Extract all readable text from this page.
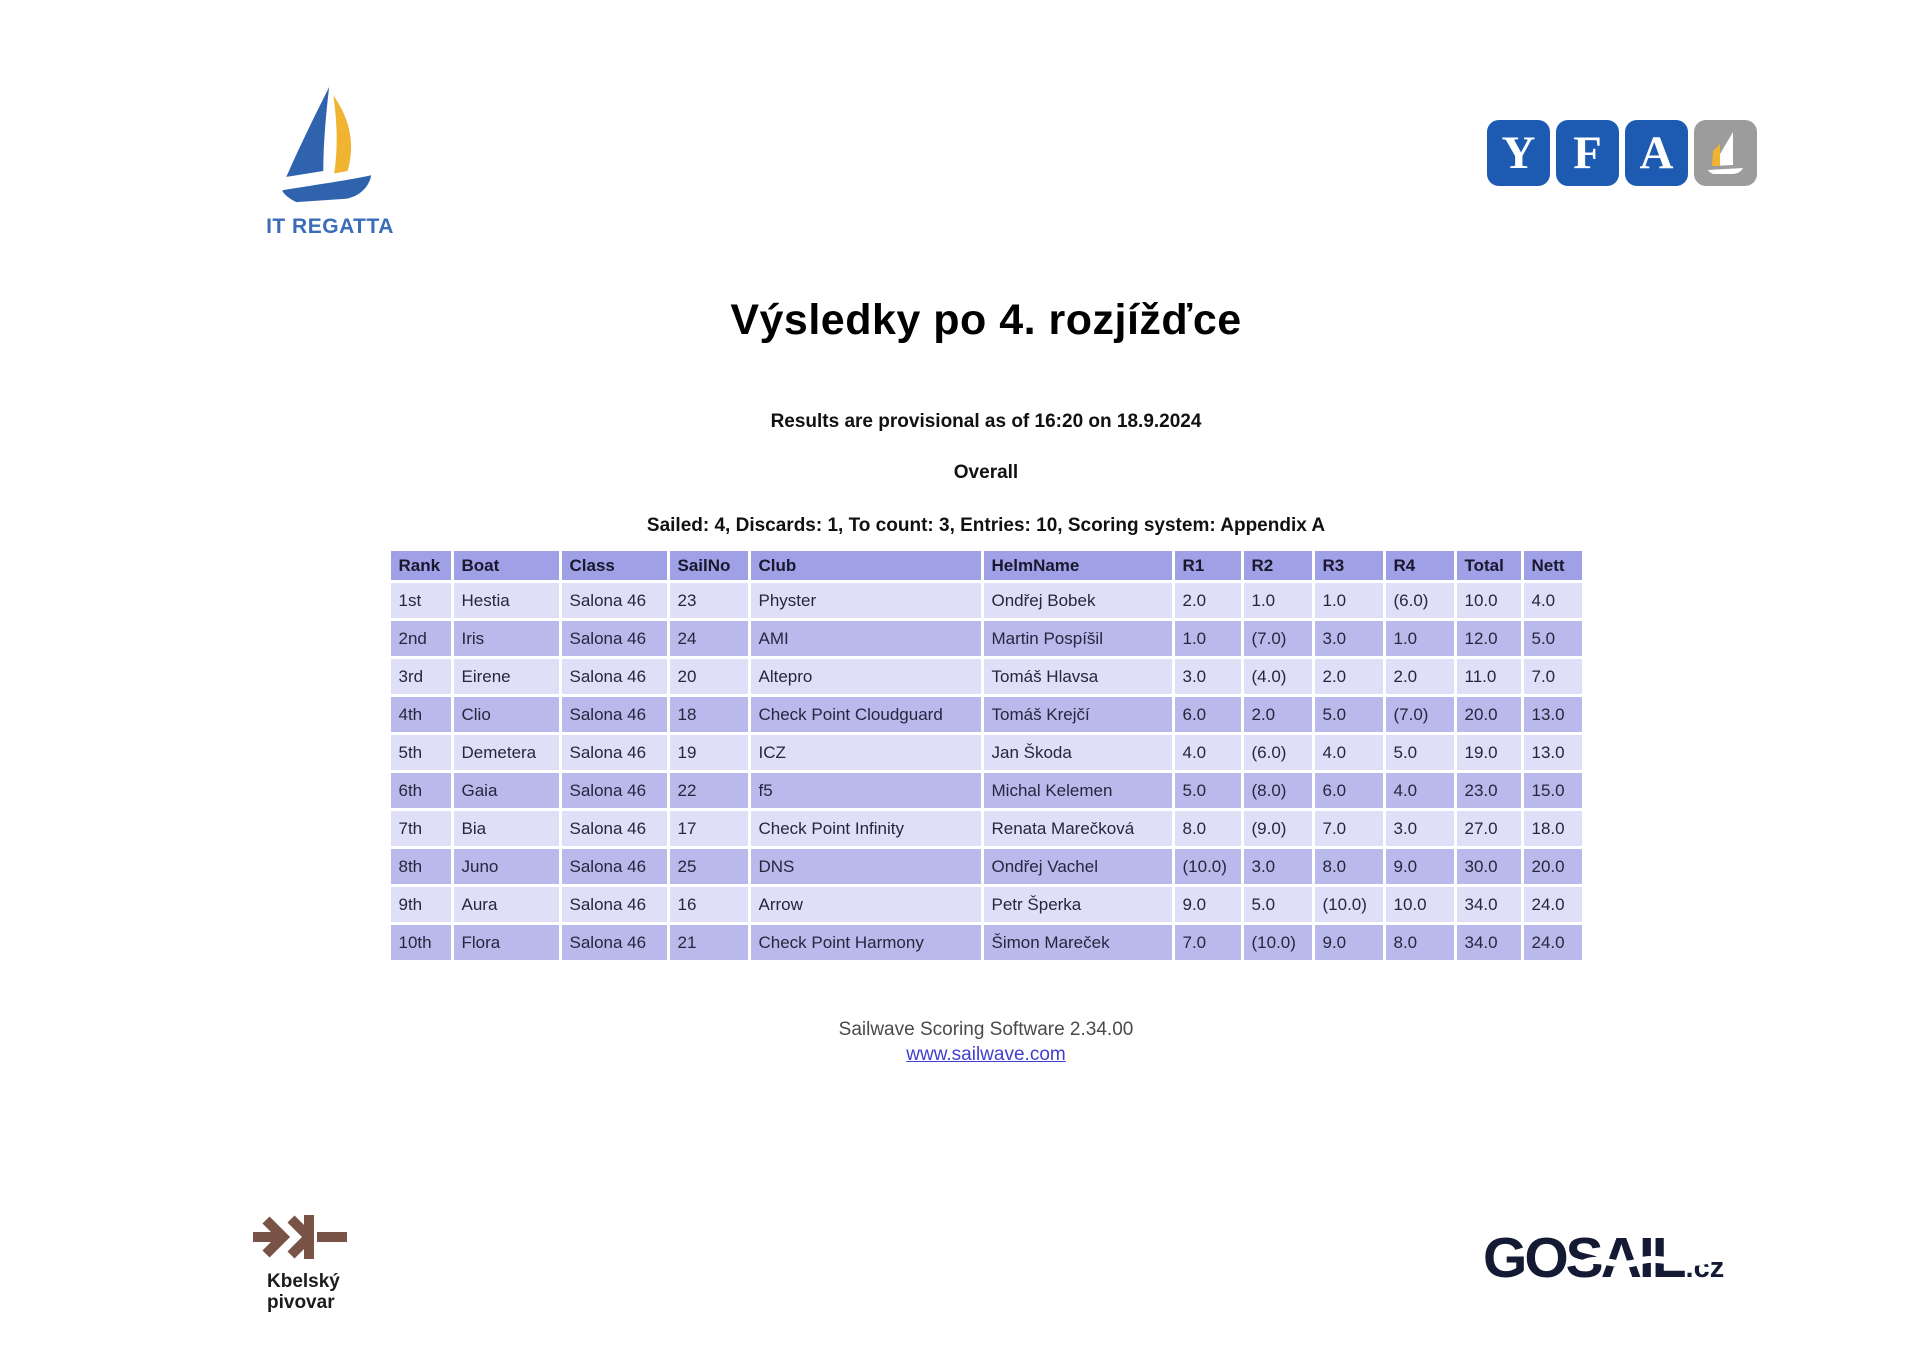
IT REGATTA
Y F A
Výsledky po 4. rozjížďce
Results are provisional as of 16:20 on 18.9.2024
Overall
Sailed: 4, Discards: 1, To count: 3, Entries: 10, Scoring system: Appendix A
Rank	Boat	Class	SailNo	Club	HelmName	R1	R2	R3	R4	Total	Nett
1st	Hestia	Salona 46	23	Physter	Ondřej Bobek	2.0	1.0	1.0	(6.0)	10.0	4.0
2nd	Iris	Salona 46	24	AMI	Martin Pospíšil	1.0	(7.0)	3.0	1.0	12.0	5.0
3rd	Eirene	Salona 46	20	Altepro	Tomáš Hlavsa	3.0	(4.0)	2.0	2.0	11.0	7.0
4th	Clio	Salona 46	18	Check Point Cloudguard	Tomáš Krejčí	6.0	2.0	5.0	(7.0)	20.0	13.0
5th	Demetera	Salona 46	19	ICZ	Jan Škoda	4.0	(6.0)	4.0	5.0	19.0	13.0
6th	Gaia	Salona 46	22	f5	Michal Kelemen	5.0	(8.0)	6.0	4.0	23.0	15.0
7th	Bia	Salona 46	17	Check Point Infinity	Renata Marečková	8.0	(9.0)	7.0	3.0	27.0	18.0
8th	Juno	Salona 46	25	DNS	Ondřej Vachel	(10.0)	3.0	8.0	9.0	30.0	20.0
9th	Aura	Salona 46	16	Arrow	Petr Šperka	9.0	5.0	(10.0)	10.0	34.0	24.0
10th	Flora	Salona 46	21	Check Point Harmony	Šimon Mareček	7.0	(10.0)	9.0	8.0	34.0	24.0
Sailwave Scoring Software 2.34.00
www.sailwave.com
Kbelský
pivovar
GOSAIL .cz
